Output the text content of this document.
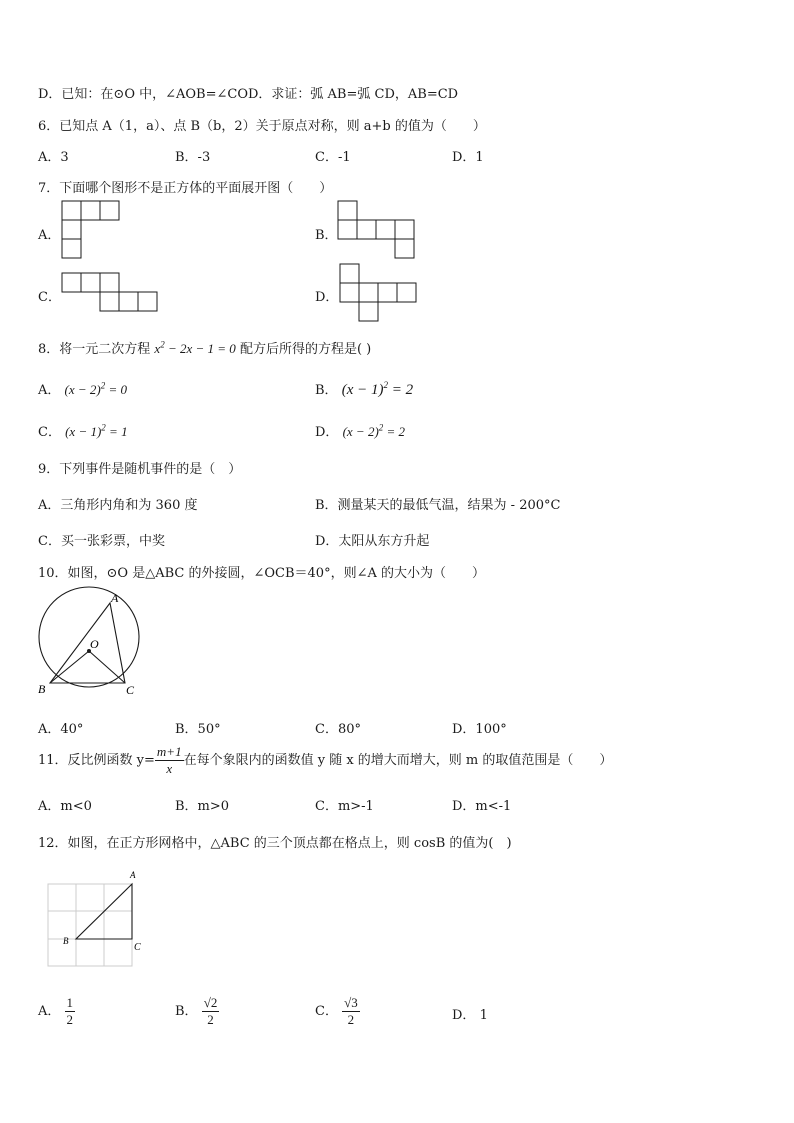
D．已知：在⊙O 中，∠AOB=∠COD．求证：弧 AB=弧 CD，AB=CD
6．已知点 A（1，a）、点 B（b，2）关于原点对称，则 a+b 的值为（　　）
A．3	B．-3	C．-1	D．1
7．下面哪个图形不是正方体的平面展开图（　　）
A．	B．
C．	D．
8．将一元二次方程 $x^2 - 2x - 1 = 0$ 配方后所得的方程是( )
A． $(x - 2)^2 = 0$	B． $(x - 1)^2 = 2$
C． $(x - 1)^2 = 1$	D． $(x - 2)^2 = 2$
9．下列事件是随机事件的是（　）
A．三角形内角和为 360 度	B．测量某天的最低气温，结果为 - 200°C
C．买一张彩票，中奖	D．太阳从东方升起
10．如图，⊙O 是△ABC 的外接圆，∠OCB＝40°，则∠A 的大小为（　　）
A
B	C
O
A．40°	B．50°	C．80°	D．100°
11．反比例函数 $y= \frac{m+1}{x}$ 在每个象限内的函数值 y 随 x 的增大而增大，则 m 的取值范围是（　　）
A．m<0	B．m>0	C．m>-1	D．m<-1
12．如图，在正方形网格中，△ABC 的三个顶点都在格点上，则 cosB 的值为(　)
A
B
C
A． $\frac{1}{2}$	B． $\frac{√2}{2}$	C． $\frac{√3}{2}$	D． 1
